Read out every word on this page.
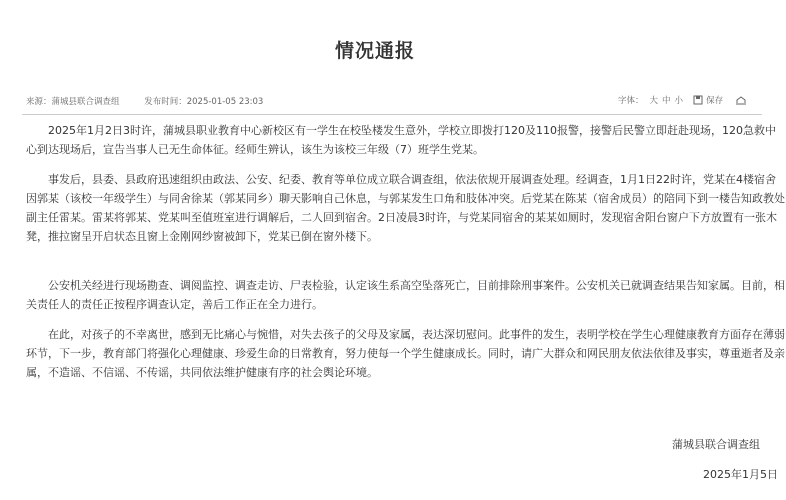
情况通报
来源：蒲城县联合调查组	发布时间：2025-01-05 23:03	字体： 大 中 小	保存

2025年1月2日3时许，蒲城县职业教育中心新校区有一学生在校坠楼发生意外，学校立即拨打120及110报警，接警后民警立即赶赴现场，120急救中心到达现场后，宣告当事人已无生命体征。经师生辨认，该生为该校三年级（7）班学生党某。

事发后，县委、县政府迅速组织由政法、公安、纪委、教育等单位成立联合调查组，依法依规开展调查处理。经调查，1月1日22时许，党某在4楼宿舍因郭某（该校一年级学生）与同舍徐某（郭某同乡）聊天影响自己休息，与郭某发生口角和肢体冲突。后党某在陈某（宿舍成员）的陪同下到一楼告知政教处副主任雷某。雷某将郭某、党某叫至值班室进行调解后，二人回到宿舍。2日凌晨3时许，与党某同宿舍的某某如厕时，发现宿舍阳台窗户下方放置有一张木凳，推拉窗呈开启状态且窗上金刚网纱窗被卸下，党某已倒在窗外楼下。

公安机关经进行现场勘查、调阅监控、调查走访、尸表检验，认定该生系高空坠落死亡，目前排除刑事案件。公安机关已就调查结果告知家属。目前，相关责任人的责任正按程序调查认定，善后工作正在全力进行。

在此，对孩子的不幸离世，感到无比痛心与惋惜，对失去孩子的父母及家属，表达深切慰问。此事件的发生，表明学校在学生心理健康教育方面存在薄弱环节，下一步，教育部门将强化心理健康、珍爱生命的日常教育，努力使每一个学生健康成长。同时，请广大群众和网民朋友依法依律及事实，尊重逝者及亲属，不造谣、不信谣、不传谣，共同依法维护健康有序的社会舆论环境。

蒲城县联合调查组
2025年1月5日
